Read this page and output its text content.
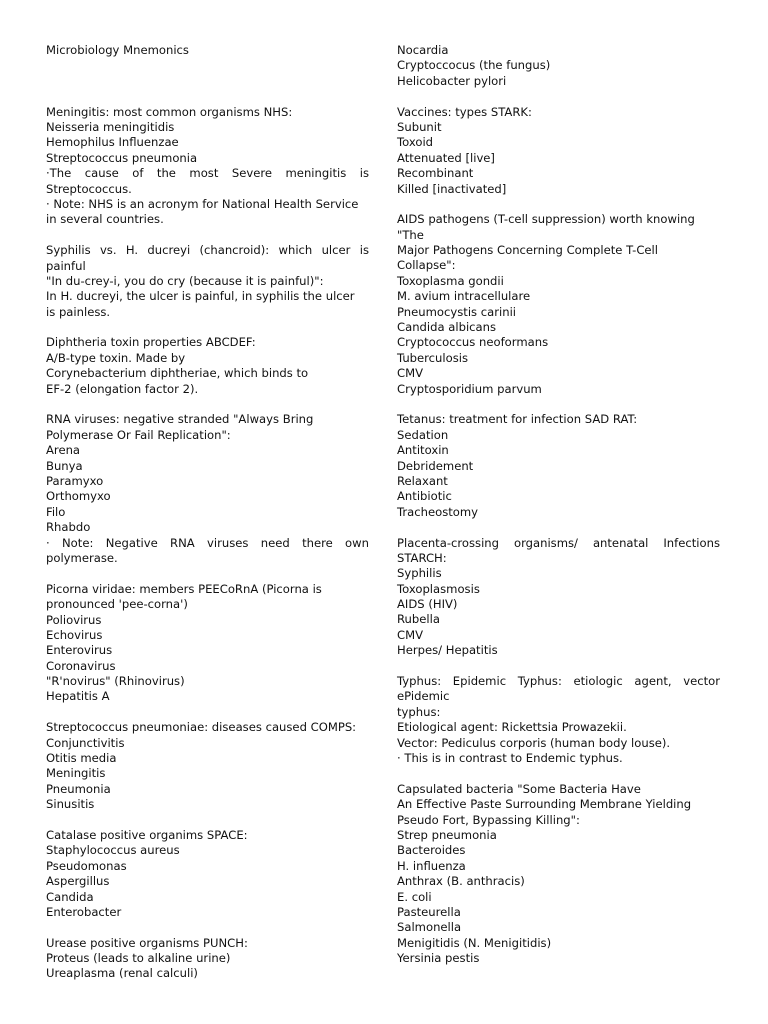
Microbiology Mnemonics
Meningitis: most common organisms NHS:
Neisseria meningitidis
Hemophilus Influenzae
Streptococcus pneumonia
·The cause of the most Severe meningitis is
Streptococcus.
· Note: NHS is an acronym for National Health Service
in several countries.
Syphilis vs. H. ducreyi (chancroid): which ulcer is
painful
"In du-crey-i, you do cry (because it is painful)":
In H. ducreyi, the ulcer is painful, in syphilis the ulcer
is painless.
Diphtheria toxin properties ABCDEF:
A/B-type toxin. Made by
Corynebacterium diphtheriae, which binds to
EF-2 (elongation factor 2).
RNA viruses: negative stranded "Always Bring
Polymerase Or Fail Replication":
Arena
Bunya
Paramyxo
Orthomyxo
Filo
Rhabdo
· Note: Negative RNA viruses need there own
polymerase.
Picorna viridae: members PEECoRnA (Picorna is
pronounced 'pee-corna')
Poliovirus
Echovirus
Enterovirus
Coronavirus
"R'novirus" (Rhinovirus)
Hepatitis A
Streptococcus pneumoniae: diseases caused COMPS:
Conjunctivitis
Otitis media
Meningitis
Pneumonia
Sinusitis
Catalase positive organims SPACE:
Staphylococcus aureus
Pseudomonas
Aspergillus
Candida
Enterobacter
Urease positive organisms PUNCH:
Proteus (leads to alkaline urine)
Ureaplasma (renal calculi)
Nocardia
Cryptoccocus (the fungus)
Helicobacter pylori
Vaccines: types STARK:
Subunit
Toxoid
Attenuated [live]
Recombinant
Killed [inactivated]
AIDS pathogens (T-cell suppression) worth knowing
"The
Major Pathogens Concerning Complete T-Cell
Collapse":
Toxoplasma gondii
M. avium intracellulare
Pneumocystis carinii
Candida albicans
Cryptococcus neoformans
Tuberculosis
CMV
Cryptosporidium parvum
Tetanus: treatment for infection SAD RAT:
Sedation
Antitoxin
Debridement
Relaxant
Antibiotic
Tracheostomy
Placenta-crossing organisms/ antenatal Infections
STARCH:
Syphilis
Toxoplasmosis
AIDS (HIV)
Rubella
CMV
Herpes/ Hepatitis
Typhus: Epidemic Typhus: etiologic agent, vector
ePidemic
typhus:
Etiological agent: Rickettsia Prowazekii.
Vector: Pediculus corporis (human body louse).
· This is in contrast to Endemic typhus.
Capsulated bacteria "Some Bacteria Have
An Effective Paste Surrounding Membrane Yielding
Pseudo Fort, Bypassing Killing":
Strep pneumonia
Bacteroides
H. influenza
Anthrax (B. anthracis)
E. coli
Pasteurella
Salmonella
Menigitidis (N. Menigitidis)
Yersinia pestis
